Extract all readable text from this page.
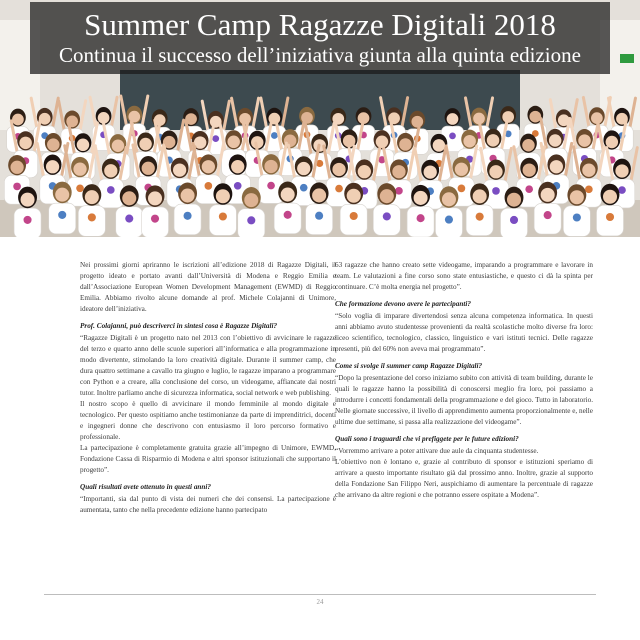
Summer Camp Ragazze Digitali 2018
Continua il successo dell’iniziativa giunta alla quinta edizione

Nei prossimi giorni apriranno le iscrizioni all’edizione 2018 di Ragazze Digitali, il progetto ideato e portato avanti dall’Università di Modena e Reggio Emilia e dall’Associazione European Women Development Management (EWMD) di Reggio Emilia. Abbiamo rivolto alcune domande al prof. Michele Colajanni di Unimore, ideatore dell’iniziativa.

Prof. Colajanni, può descriverci in sintesi cosa è Ragazze Digitali?

“Ragazze Digitali è un progetto nato nel 2013 con l’obiettivo di avvicinare le ragazze del terzo e quarto anno delle scuole superiori all’informatica e alla programmazione in modo divertente, stimolando la loro creatività digitale. Durante il summer camp, che dura quattro settimane a cavallo tra giugno e luglio, le ragazze imparano a programmare con Python e a creare, alla conclusione del corso, un videogame, affiancate dai nostri tutor. Inoltre parliamo anche di sicurezza informatica, social network e web publishing.

Il nostro scopo è quello di avvicinare il mondo femminile al mondo digitale e tecnologico. Per questo ospitiamo anche testimonianze da parte di imprenditrici, docenti e ingegneri donne che descrivono con entusiasmo il loro percorso formativo e professionale.

La partecipazione è completamente gratuita grazie all’impegno di Unimore, EWMD, Fondazione Cassa di Risparmio di Modena e altri sponsor istituzionali che supportano il progetto”.

Quali risultati avete ottenuto in questi anni?

“Importanti, sia dal punto di vista dei numeri che dei consensi. La partecipazione è aumentata, tanto che nella precedente edizione hanno partecipato

63 ragazze che hanno creato sette videogame, imparando a programmare e lavorare in team. Le valutazioni a fine corso sono state entusiastiche, e questo ci dà la spinta per continuare. C’è molta energia nel progetto”.

Che formazione devono avere le partecipanti?

“Solo voglia di imparare divertendosi senza alcuna competenza informatica. In questi anni abbiamo avuto studentesse provenienti da realtà scolastiche molto diverse fra loro: liceo scientifico, tecnologico, classico, linguistico e vari istituti tecnici. Delle ragazze presenti, più del 60% non aveva mai programmato”.

Come si svolge il summer camp Ragazze Digitali?

“Dopo la presentazione del corso iniziamo subito con attività di team building, durante le quali le ragazze hanno la possibilità di conoscersi meglio fra loro, poi passiamo a introdurre i concetti fondamentali della programmazione e del gioco. Tutto in laboratorio. Nelle giornate successive, il livello di apprendimento aumenta proporzionalmente e, nelle ultime due settimane, si passa alla realizzazione del videogame”.

Quali sono i traguardi che vi prefiggete per le future edizioni?

“Vorremmo arrivare a poter attivare due aule da cinquanta studentesse.

L’obiettivo non è lontano e, grazie al contributo di sponsor e istituzioni speriamo di arrivare a questo importante risultato già dal prossimo anno. Inoltre, grazie al supporto della Fondazione San Filippo Neri, auspichiamo di aumentare la percentuale di ragazze che arrivano da altre regioni e che potranno essere ospitate a Modena”.

24
